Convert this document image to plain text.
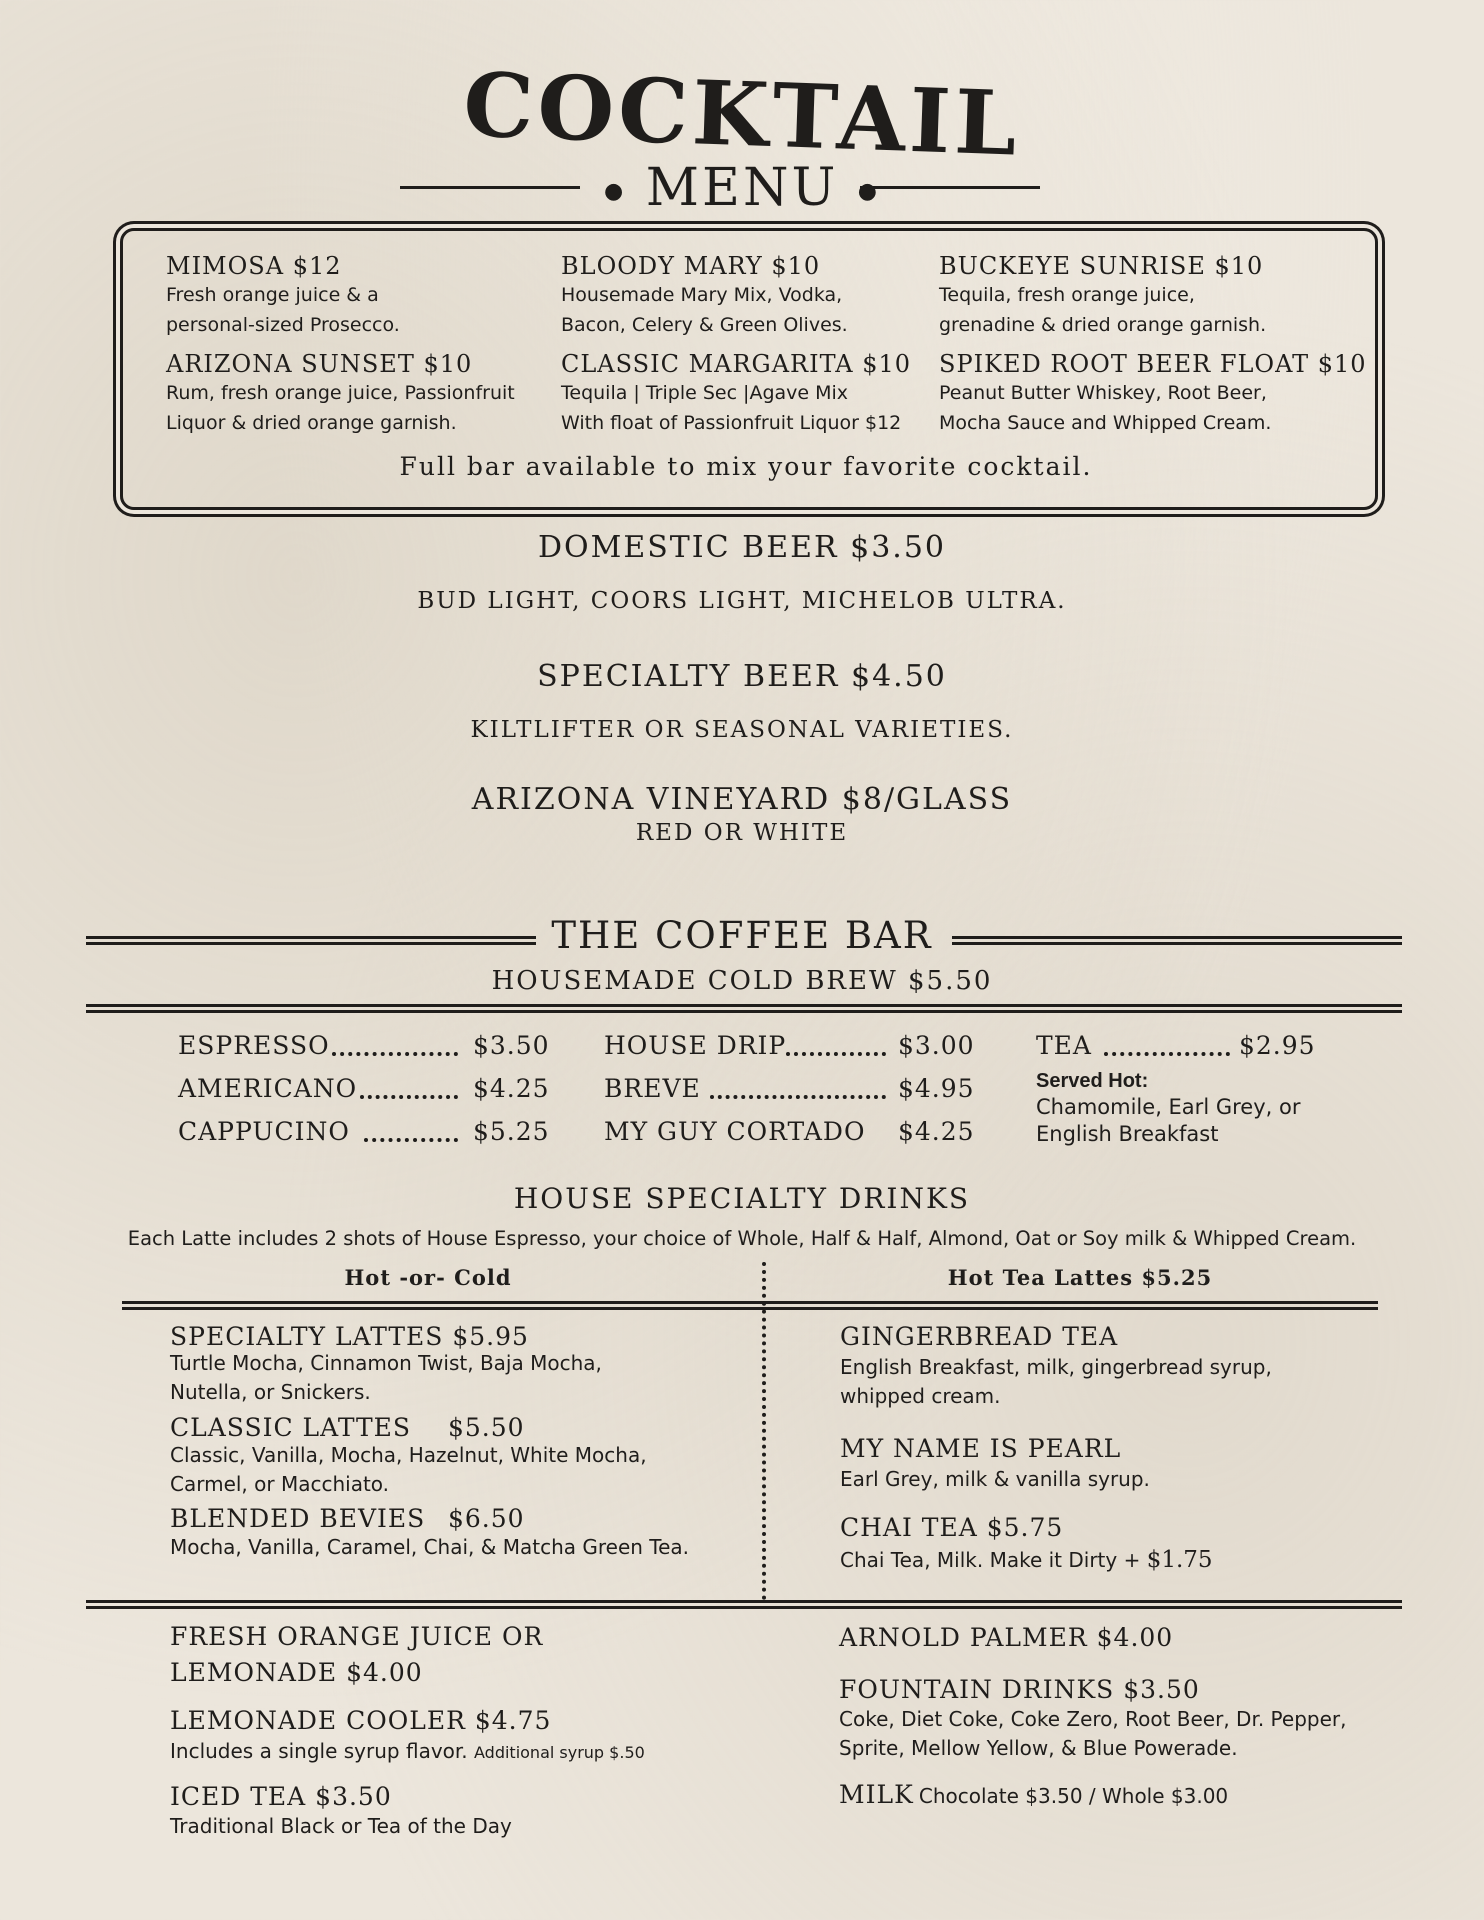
COCKTAIL
● MENU ●
MIMOSA $12
Fresh orange juice & a
personal-sized Prosecco.
BLOODY MARY $10
Housemade Mary Mix, Vodka,
Bacon, Celery & Green Olives.
BUCKEYE SUNRISE $10
Tequila, fresh orange juice,
grenadine & dried orange garnish.
ARIZONA SUNSET $10
Rum, fresh orange juice, Passionfruit
Liquor & dried orange garnish.
CLASSIC MARGARITA $10
Tequila | Triple Sec |Agave Mix
With float of Passionfruit Liquor $12
SPIKED ROOT BEER FLOAT $10
Peanut Butter Whiskey, Root Beer,
Mocha Sauce and Whipped Cream.
Full bar available to mix your favorite cocktail.
DOMESTIC BEER $3.50
BUD LIGHT, COORS LIGHT, MICHELOB ULTRA.
SPECIALTY BEER $4.50
KILTLIFTER OR SEASONAL VARIETIES.
ARIZONA VINEYARD $8/GLASS
RED OR WHITE
THE COFFEE BAR
HOUSEMADE COLD BREW $5.50
ESPRESSO	$3.50
AMERICANO	$4.25
CAPPUCINO	$5.25
HOUSE DRIP	$3.00
BREVE	$4.95
MY GUY CORTADO $4.25
TEA	$2.95
Served Hot:
Chamomile, Earl Grey, or
English Breakfast
HOUSE SPECIALTY DRINKS
Each Latte includes 2 shots of House Espresso, your choice of Whole, Half & Half, Almond, Oat or Soy milk & Whipped Cream.
Hot -or- Cold	Hot Tea Lattes $5.25
SPECIALTY LATTES $5.95
Turtle Mocha, Cinnamon Twist, Baja Mocha,
Nutella, or Snickers.
CLASSIC LATTES $5.50
Classic, Vanilla, Mocha, Hazelnut, White Mocha,
Carmel, or Macchiato.
BLENDED BEVIES $6.50
Mocha, Vanilla, Caramel, Chai, & Matcha Green Tea.
GINGERBREAD TEA
English Breakfast, milk, gingerbread syrup,
whipped cream.
MY NAME IS PEARL
Earl Grey, milk & vanilla syrup.
CHAI TEA $5.75
Chai Tea, Milk. Make it Dirty + $1.75
FRESH ORANGE JUICE OR
LEMONADE $4.00
LEMONADE COOLER $4.75
Includes a single syrup flavor. Additional syrup $.50
ICED TEA $3.50
Traditional Black or Tea of the Day
ARNOLD PALMER $4.00
FOUNTAIN DRINKS $3.50
Coke, Diet Coke, Coke Zero, Root Beer, Dr. Pepper,
Sprite, Mellow Yellow, & Blue Powerade.
MILK Chocolate $3.50 / Whole $3.00
